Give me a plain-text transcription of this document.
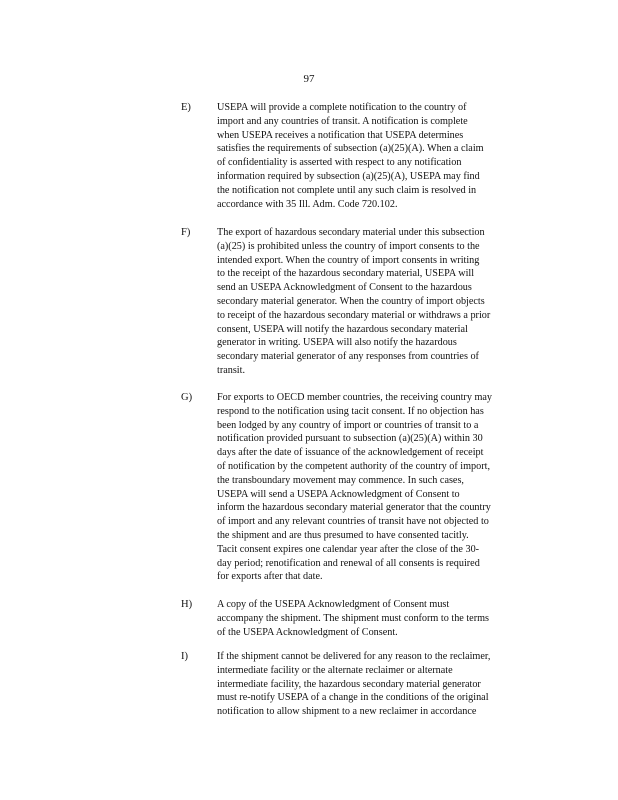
97
E)	USEPA will provide a complete notification to the country of
import and any countries of transit. A notification is complete
when USEPA receives a notification that USEPA determines
satisfies the requirements of subsection (a)(25)(A). When a claim
of confidentiality is asserted with respect to any notification
information required by subsection (a)(25)(A), USEPA may find
the notification not complete until any such claim is resolved in
accordance with 35 Ill. Adm. Code 720.102.
F)	The export of hazardous secondary material under this subsection
(a)(25) is prohibited unless the country of import consents to the
intended export. When the country of import consents in writing
to the receipt of the hazardous secondary material, USEPA will
send an USEPA Acknowledgment of Consent to the hazardous
secondary material generator. When the country of import objects
to receipt of the hazardous secondary material or withdraws a prior
consent, USEPA will notify the hazardous secondary material
generator in writing. USEPA will also notify the hazardous
secondary material generator of any responses from countries of
transit.
G) For exports to OECD member countries, the receiving country may
respond to the notification using tacit consent. If no objection has
been lodged by any country of import or countries of transit to a
notification provided pursuant to subsection (a)(25)(A) within 30
days after the date of issuance of the acknowledgement of receipt
of notification by the competent authority of the country of import,
the transboundary movement may commence. In such cases,
USEPA will send a USEPA Acknowledgment of Consent to
inform the hazardous secondary material generator that the country
of import and any relevant countries of transit have not objected to
the shipment and are thus presumed to have consented tacitly.
Tacit consent expires one calendar year after the close of the 30-
day period; renotification and renewal of all consents is required
for exports after that date.
H) A copy of the USEPA Acknowledgment of Consent must
accompany the shipment. The shipment must conform to the terms
of the USEPA Acknowledgment of Consent.
I)	If the shipment cannot be delivered for any reason to the reclaimer,
intermediate facility or the alternate reclaimer or alternate
intermediate facility, the hazardous secondary material generator
must re-notify USEPA of a change in the conditions of the original
notification to allow shipment to a new reclaimer in accordance
